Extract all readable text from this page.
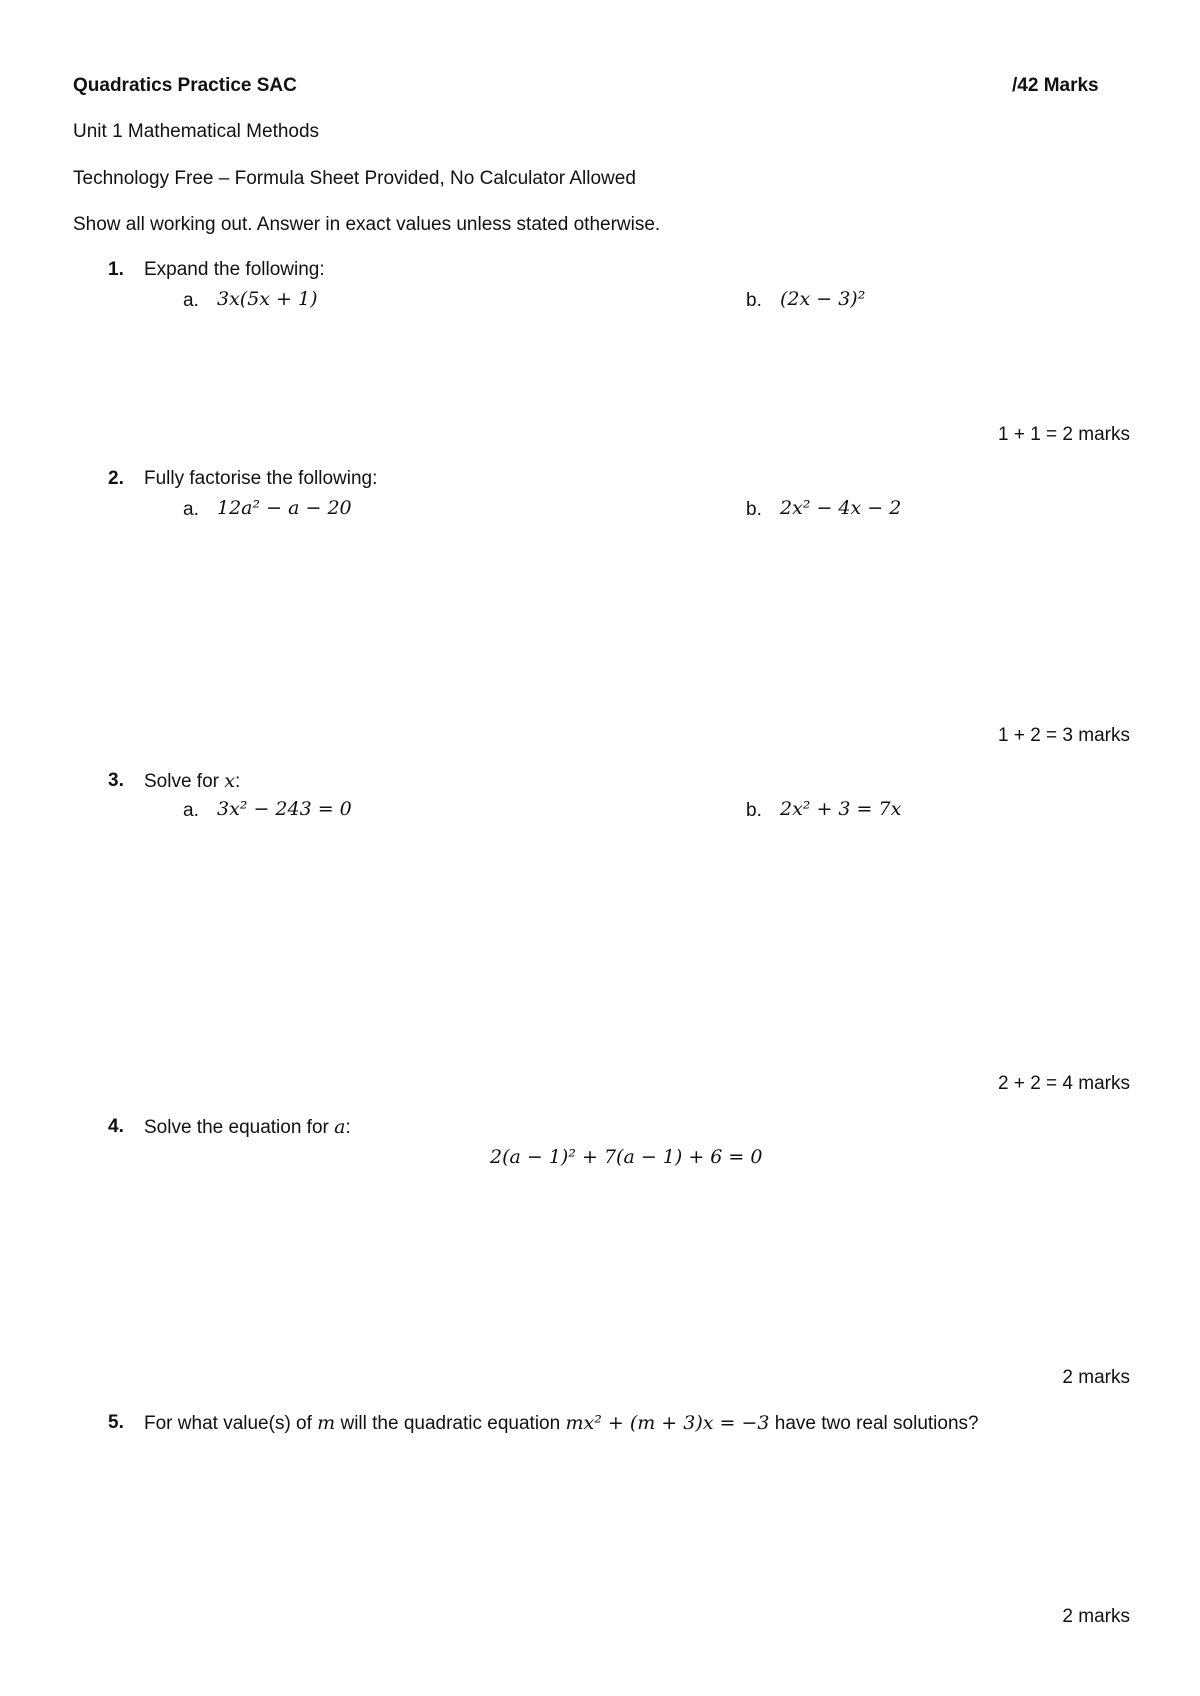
Quadratics Practice SAC	/42 Marks
Unit 1 Mathematical Methods
Technology Free – Formula Sheet Provided, No Calculator Allowed
Show all working out. Answer in exact values unless stated otherwise.
1. Expand the following:
a. 3x(5x + 1)	b. (2x − 3)²
1 + 1 = 2 marks
2. Fully factorise the following:
a. 12a² − a − 20	b. 2x² − 4x − 2
1 + 2 = 3 marks
3. Solve for x:
a. 3x² − 243 = 0	b. 2x² + 3 = 7x
2 + 2 = 4 marks
4. Solve the equation for a:
2(a − 1)² + 7(a − 1) + 6 = 0
2 marks
5. For what value(s) of m will the quadratic equation mx² + (m + 3)x = −3 have two real solutions?
2 marks
